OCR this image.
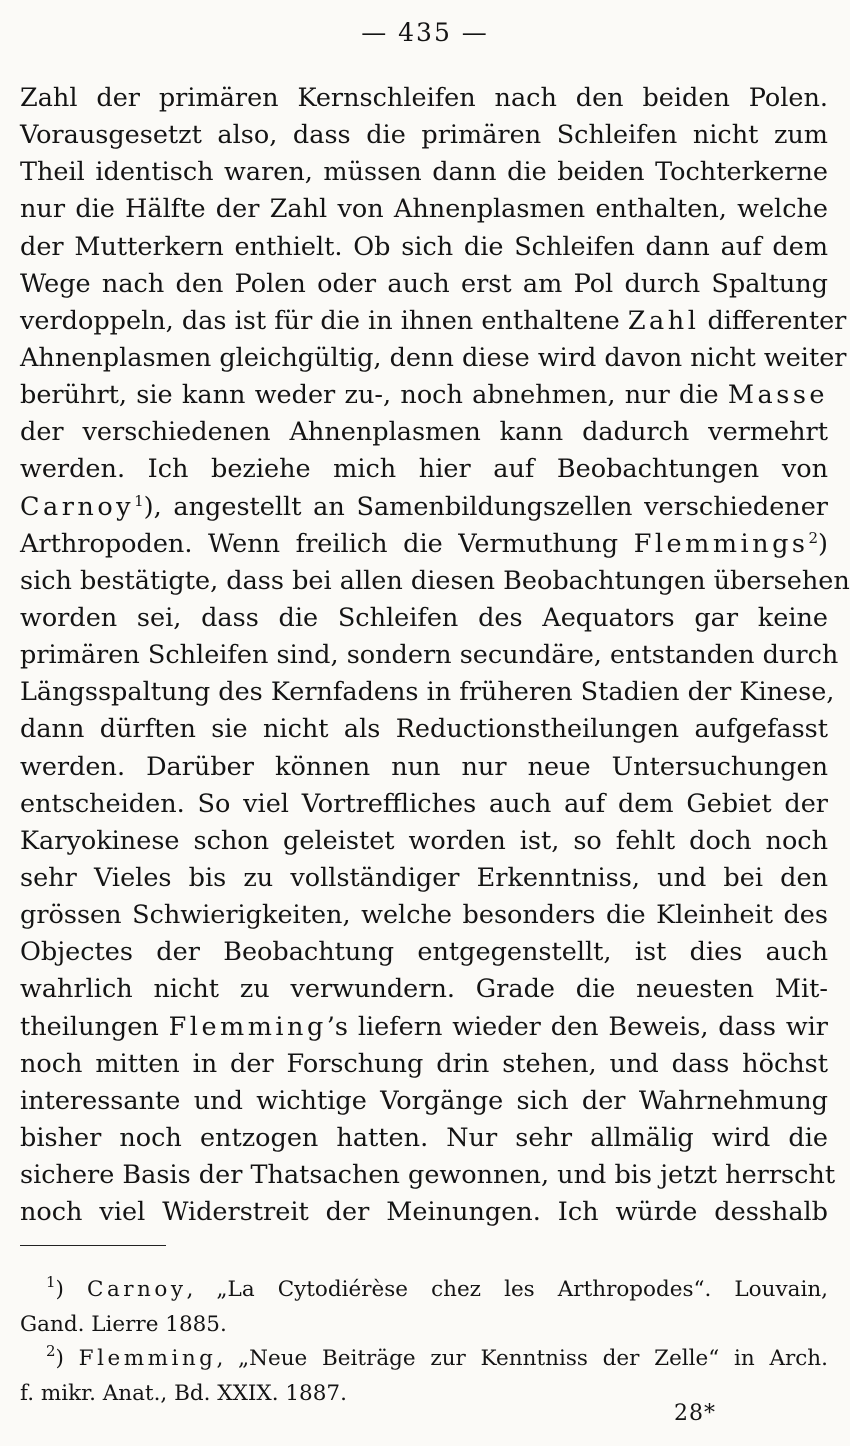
— 435 —
Zahl der primären Kernschleifen nach den beiden Polen.
Vorausgesetzt also, dass die primären Schleifen nicht zum
Theil identisch waren, müssen dann die beiden Tochterkerne
nur die Hälfte der Zahl von Ahnenplasmen enthalten, welche
der Mutterkern enthielt. Ob sich die Schleifen dann auf dem
Wege nach den Polen oder auch erst am Pol durch Spaltung
verdoppeln, das ist für die in ihnen enthaltene Zahl differenter
Ahnenplasmen gleichgültig, denn diese wird davon nicht weiter
berührt, sie kann weder zu-, noch abnehmen, nur die Masse
der verschiedenen Ahnenplasmen kann dadurch vermehrt
werden. Ich beziehe mich hier auf Beobachtungen von
Carnoy$^1$), angestellt an Samenbildungszellen verschiedener
Arthropoden. Wenn freilich die Vermuthung Flemmings$^2$)
sich bestätigte, dass bei allen diesen Beobachtungen übersehen
worden sei, dass die Schleifen des Aequators gar keine
primären Schleifen sind, sondern secundäre, entstanden durch
Längsspaltung des Kernfadens in früheren Stadien der Kinese,
dann dürften sie nicht als Reductionstheilungen aufgefasst
werden. Darüber können nun nur neue Untersuchungen
entscheiden. So viel Vortreffliches auch auf dem Gebiet der
Karyokinese schon geleistet worden ist, so fehlt doch noch
sehr Vieles bis zu vollständiger Erkenntniss, und bei den
grössen Schwierigkeiten, welche besonders die Kleinheit des
Objectes der Beobachtung entgegenstellt, ist dies auch
wahrlich nicht zu verwundern. Grade die neuesten Mit-
theilungen Flemming’s liefern wieder den Beweis, dass wir
noch mitten in der Forschung drin stehen, und dass höchst
interessante und wichtige Vorgänge sich der Wahrnehmung
bisher noch entzogen hatten. Nur sehr allmälig wird die
sichere Basis der Thatsachen gewonnen, und bis jetzt herrscht
noch viel Widerstreit der Meinungen. Ich würde desshalb
$^1$) Carnoy, „La Cytodiérèse chez les Arthropodes“. Louvain,
Gand. Lierre 1885.
$^2$) Flemming, „Neue Beiträge zur Kenntniss der Zelle“ in Arch.
f. mikr. Anat., Bd. XXIX. 1887.
28*
